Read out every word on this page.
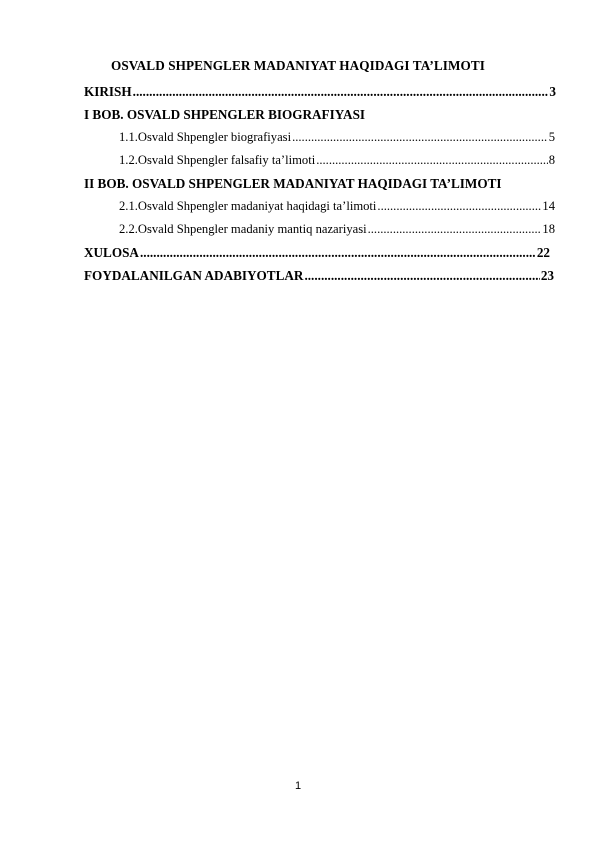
OSVALD SHPENGLER MADANIYAT HAQIDAGI TA’LIMOTI
KIRISH .....	3
I BOB. OSVALD SHPENGLER BIOGRAFIYASI
1.1. Osvald Shpengler biografiyasi .....	5
1.2. Osvald Shpengler falsafiy ta’limoti .....	8
II BOB. OSVALD SHPENGLER MADANIYAT HAQIDAGI TA’LIMOTI
2.1. Osvald Shpengler madaniyat haqidagi ta’limoti .....	14
2.2. Osvald Shpengler madaniy mantiq nazariyasi .....	18
XULOSA .....	22
FOYDALANILGAN ADABIYOTLAR .....	23
1
